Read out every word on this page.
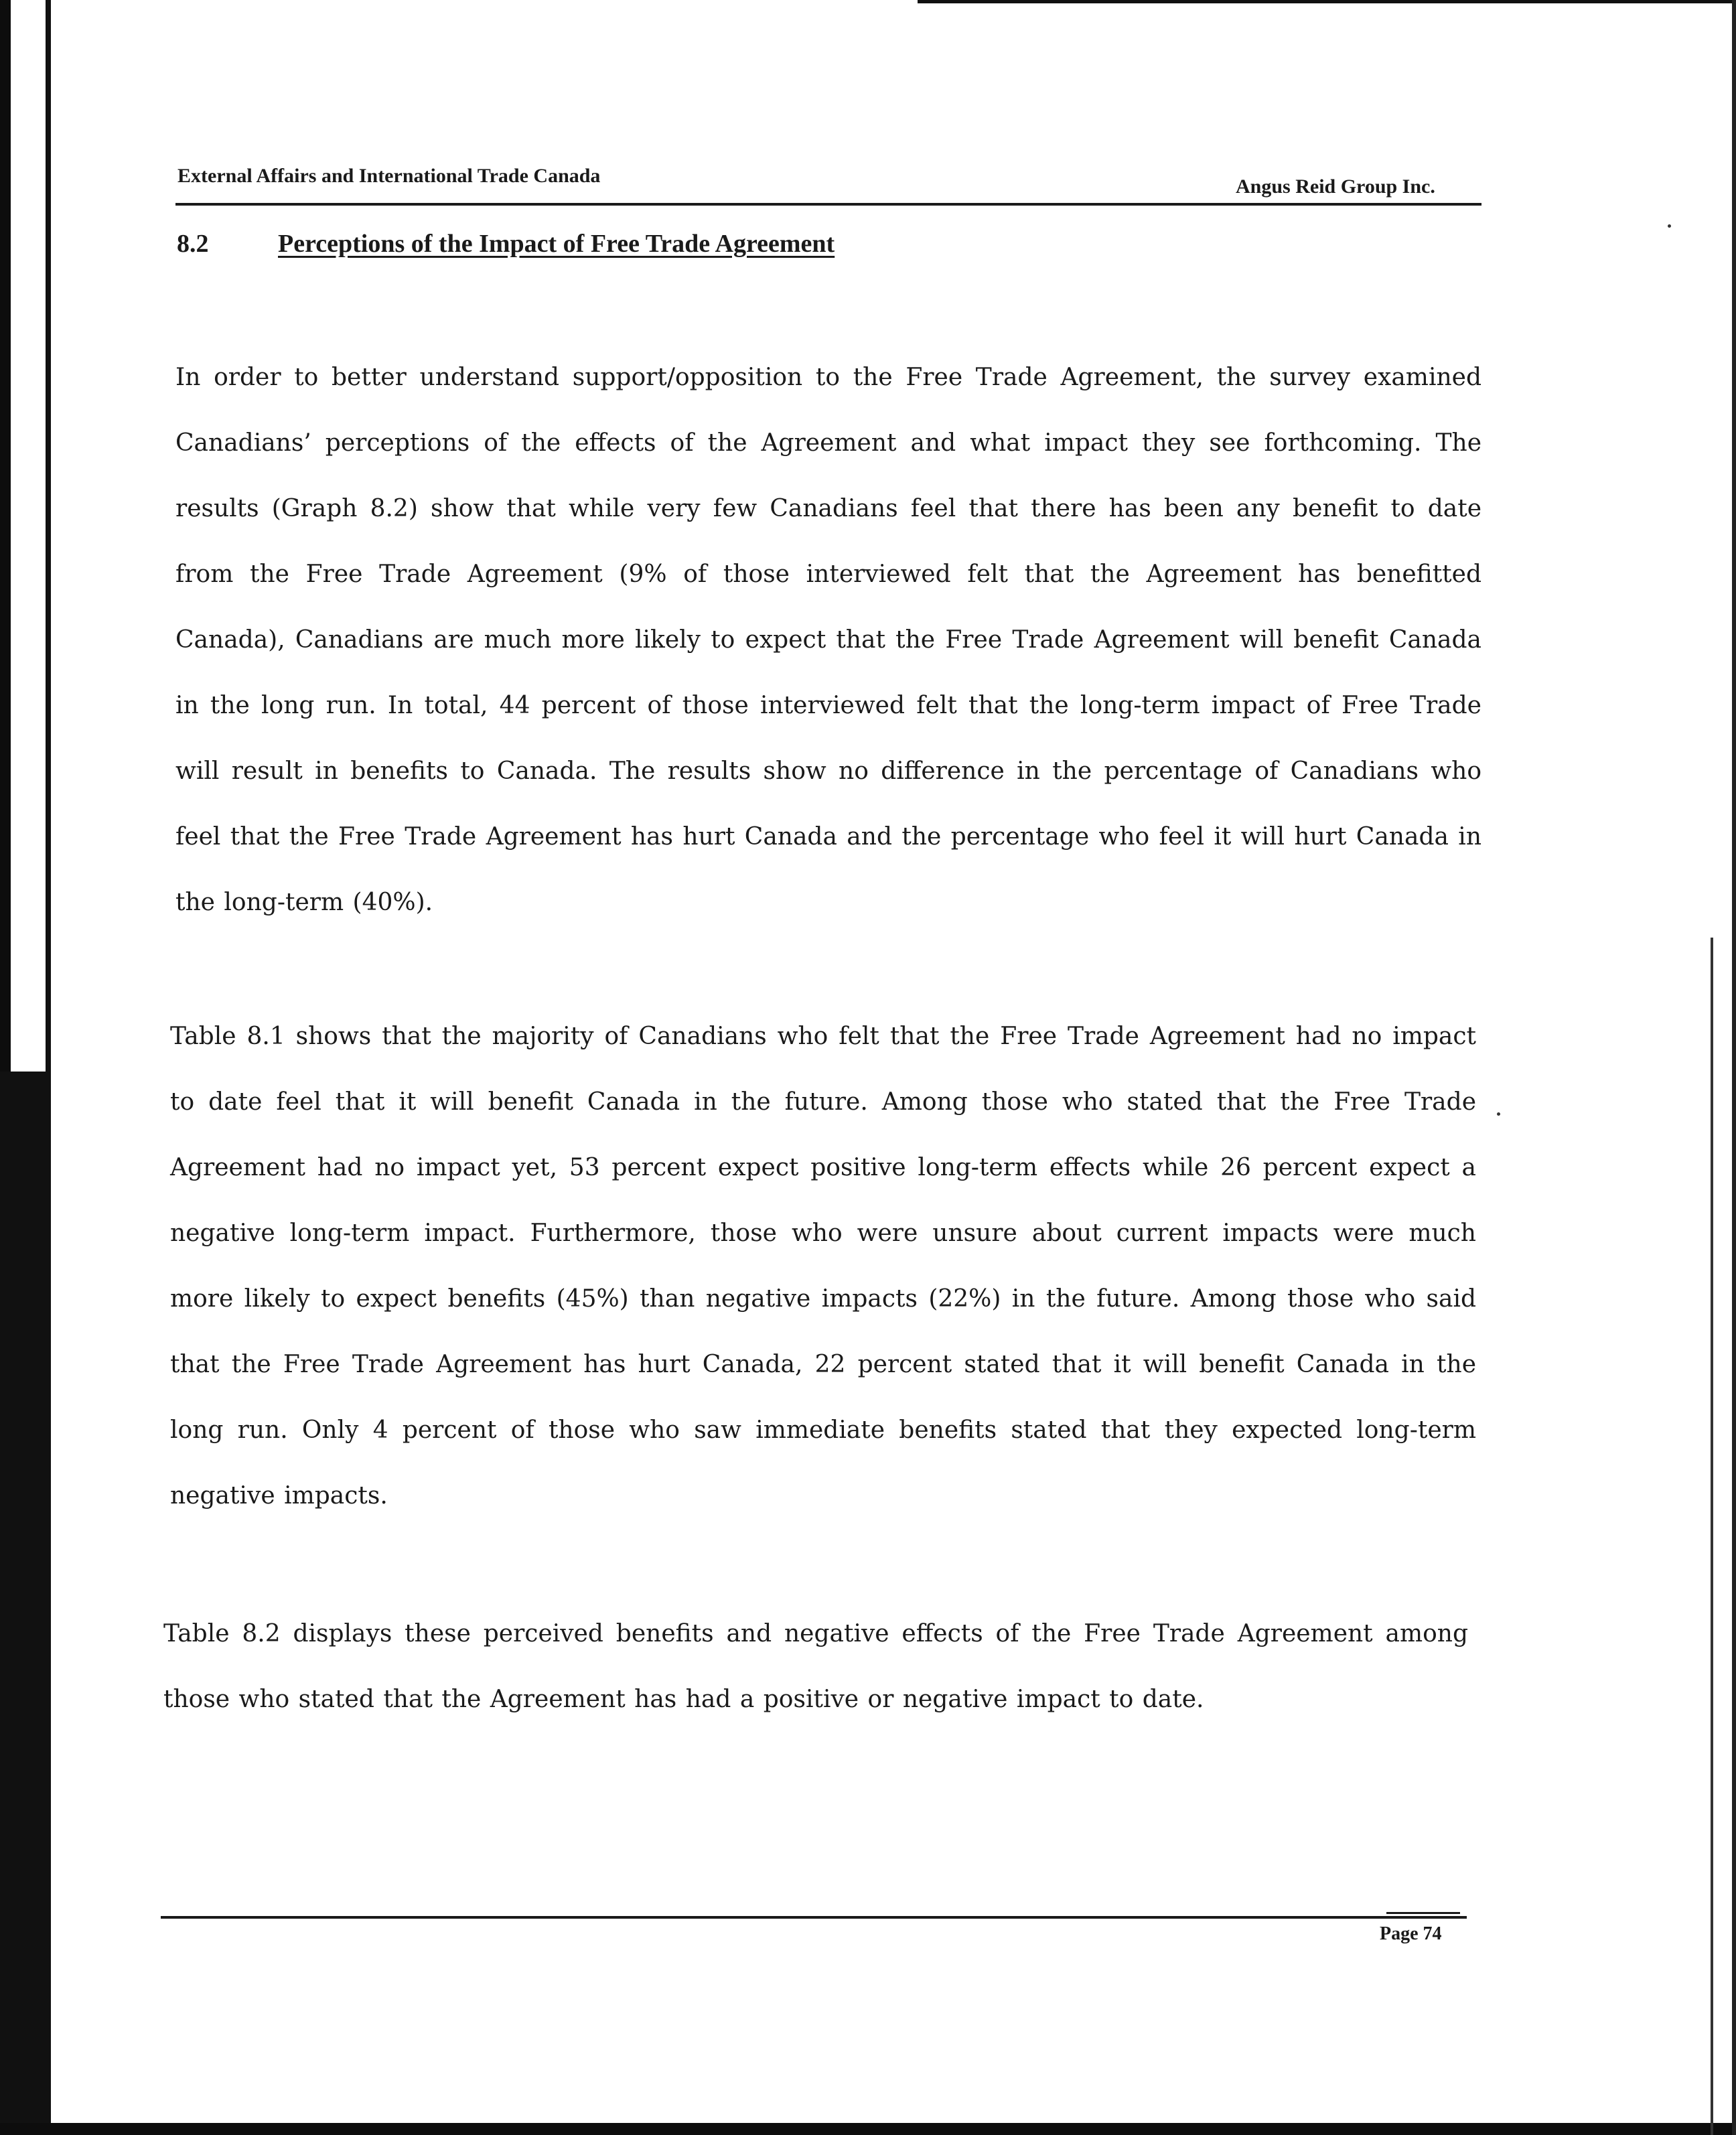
External Affairs and International Trade Canada	Angus Reid Group Inc.
8.2	Perceptions of the Impact of Free Trade Agreement
In order to better understand support/opposition to the Free Trade Agreement, the survey examined Canadians’ perceptions of the effects of the Agreement and what impact they see forthcoming. The results (Graph 8.2) show that while very few Canadians feel that there has been any benefit to date from the Free Trade Agreement (9% of those interviewed felt that the Agreement has benefitted Canada), Canadians are much more likely to expect that the Free Trade Agreement will benefit Canada in the long run. In total, 44 percent of those interviewed felt that the long-term impact of Free Trade will result in benefits to Canada. The results show no difference in the percentage of Canadians who feel that the Free Trade Agreement has hurt Canada and the percentage who feel it will hurt Canada in the long-term (40%).
Table 8.1 shows that the majority of Canadians who felt that the Free Trade Agreement had no impact to date feel that it will benefit Canada in the future. Among those who stated that the Free Trade Agreement had no impact yet, 53 percent expect positive long-term effects while 26 percent expect a negative long-term impact. Furthermore, those who were unsure about current impacts were much more likely to expect benefits (45%) than negative impacts (22%) in the future. Among those who said that the Free Trade Agreement has hurt Canada, 22 percent stated that it will benefit Canada in the long run. Only 4 percent of those who saw immediate benefits stated that they expected long-term negative impacts.
Table 8.2 displays these perceived benefits and negative effects of the Free Trade Agreement among those who stated that the Agreement has had a positive or negative impact to date.
Page 74
